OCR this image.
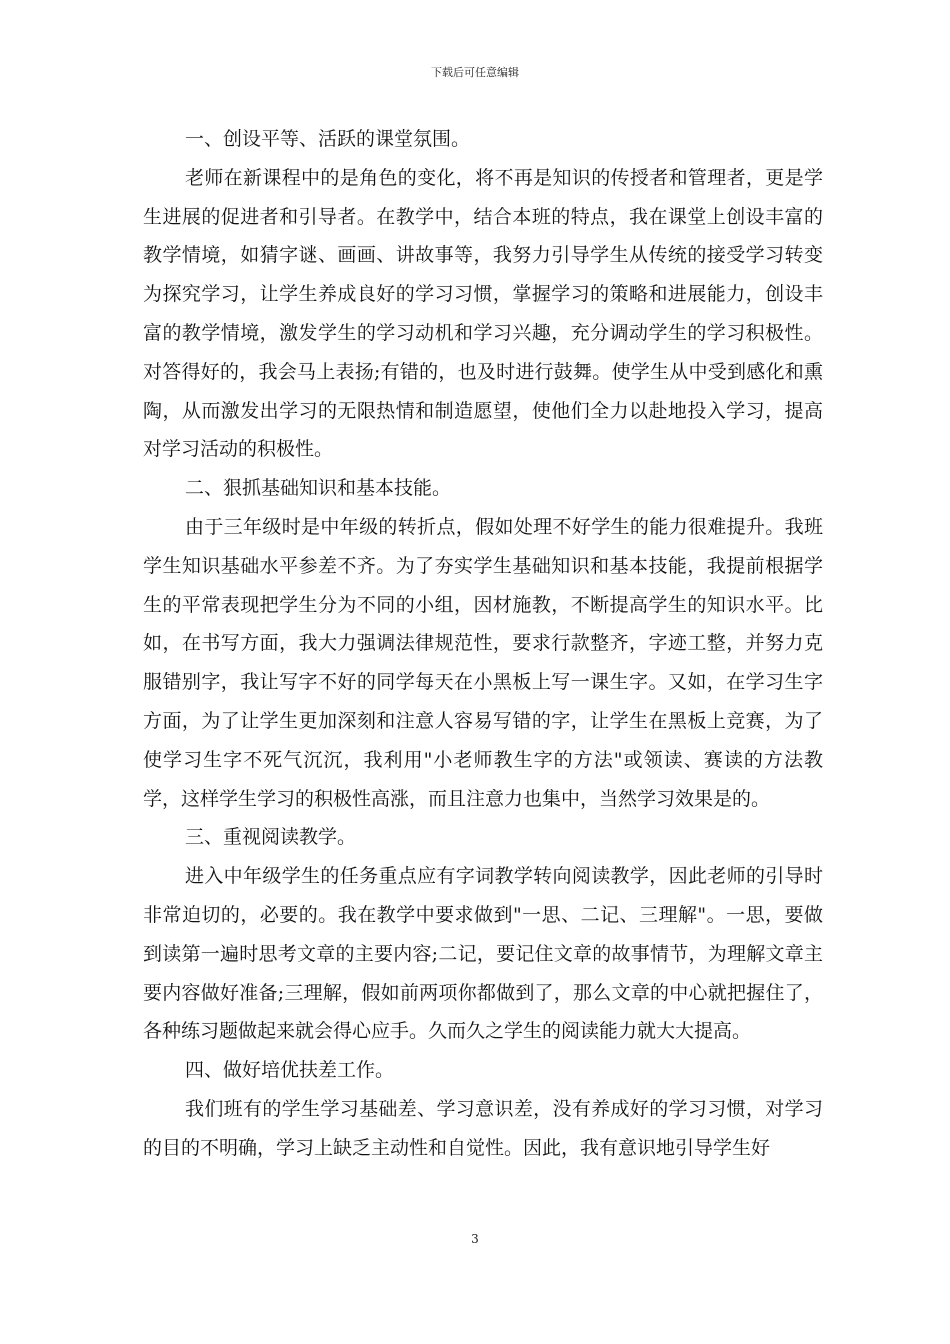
下载后可任意编辑

一、创设平等、活跃的课堂氛围。

老师在新课程中的是角色的变化，将不再是知识的传授者和管理者，更是学生进展的促进者和引导者。在教学中，结合本班的特点，我在课堂上创设丰富的教学情境，如猜字谜、画画、讲故事等，我努力引导学生从传统的接受学习转变为探究学习，让学生养成良好的学习习惯，掌握学习的策略和进展能力，创设丰富的教学情境，激发学生的学习动机和学习兴趣，充分调动学生的学习积极性。对答得好的，我会马上表扬;有错的，也及时进行鼓舞。使学生从中受到感化和熏陶，从而激发出学习的无限热情和制造愿望，使他们全力以赴地投入学习，提高对学习活动的积极性。

二、狠抓基础知识和基本技能。

由于三年级时是中年级的转折点，假如处理不好学生的能力很难提升。我班学生知识基础水平参差不齐。为了夯实学生基础知识和基本技能，我提前根据学生的平常表现把学生分为不同的小组，因材施教，不断提高学生的知识水平。比如，在书写方面，我大力强调法律规范性，要求行款整齐，字迹工整，并努力克服错别字，我让写字不好的同学每天在小黑板上写一课生字。又如，在学习生字方面，为了让学生更加深刻和注意人容易写错的字，让学生在黑板上竞赛，为了使学习生字不死气沉沉，我利用"小老师教生字的方法"或领读、赛读的方法教学，这样学生学习的积极性高涨，而且注意力也集中，当然学习效果是的。

三、重视阅读教学。

进入中年级学生的任务重点应有字词教学转向阅读教学，因此老师的引导时非常迫切的，必要的。我在教学中要求做到"一思、二记、三理解"。一思，要做到读第一遍时思考文章的主要内容;二记，要记住文章的故事情节，为理解文章主要内容做好准备;三理解，假如前两项你都做到了，那么文章的中心就把握住了，各种练习题做起来就会得心应手。久而久之学生的阅读能力就大大提高。

四、做好培优扶差工作。

我们班有的学生学习基础差、学习意识差，没有养成好的学习习惯，对学习的目的不明确，学习上缺乏主动性和自觉性。因此，我有意识地引导学生好

3
